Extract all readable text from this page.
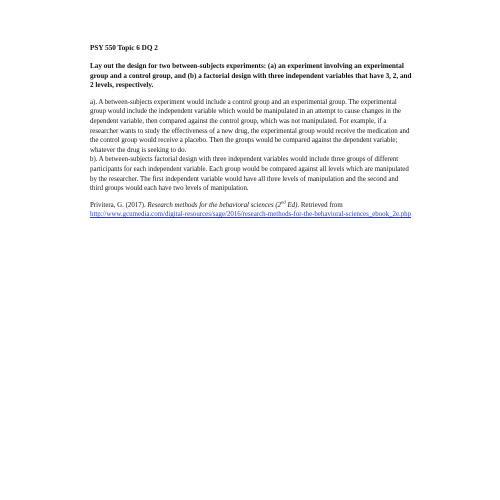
PSY 550 Topic 6 DQ 2

Lay out the design for two between-subjects experiments: (a) an experiment involving an experimental group and a control group, and (b) a factorial design with three independent variables that have 3, 2, and 2 levels, respectively.

a). A between-subjects experiment would include a control group and an experimental group. The experimental group would include the independent variable which would be manipulated in an attempt to cause changes in the dependent variable, then compared against the control group, which was not manipulated. For example, if a researcher wants to study the effectiveness of a new drug, the experimental group would receive the medication and the control group would receive a placebo. Then the groups would be compared against the dependent variable; whatever the drug is seeking to do.

b). A between-subjects factorial design with three independent variables would include three groups of different participants for each independent variable. Each group would be compared against all levels which are manipulated by the researcher. The first independent variable would have all three levels of manipulation and the second and third groups would each have two levels of manipulation.

Privitera, G. (2017). Research methods for the behavioral sciences (2nd Ed). Retrieved from http://www.gcumedia.com/digital-resources/sage/2016/research-methods-for-the-behavioral-sciences_ebook_2e.php
